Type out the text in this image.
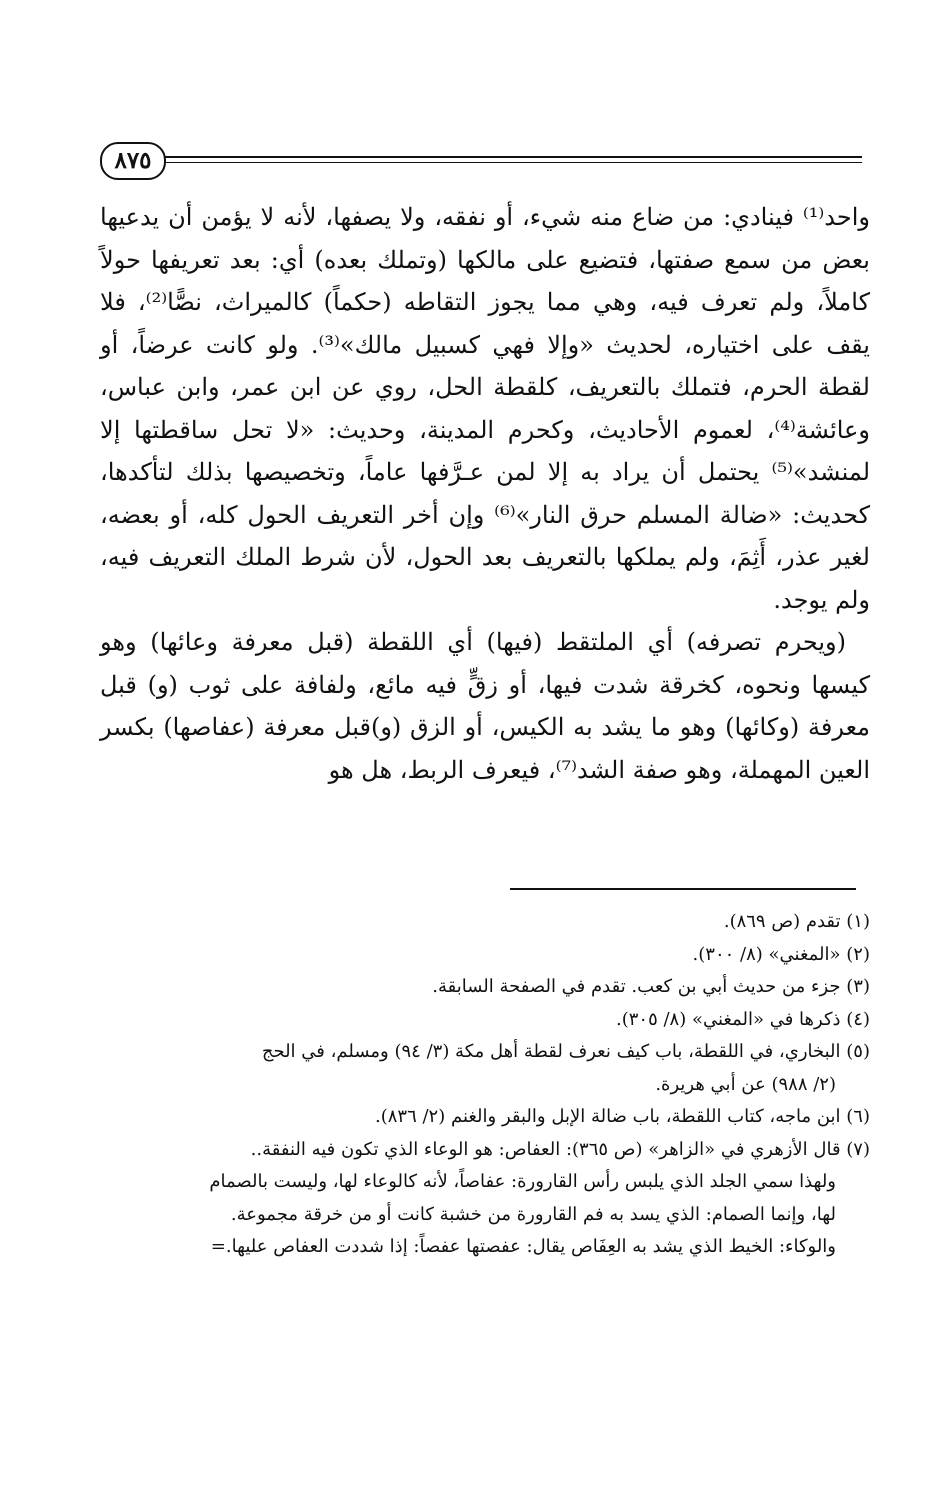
٨٧٥

واحد⁽¹⁾ فينادي: من ضاع منه شيء، أو نفقه، ولا يصفها، لأنه لا يؤمن أن يدعيها بعض من سمع صفتها، فتضيع على مالكها (وتملك بعده) أي: بعد تعريفها حولاً كاملاً، ولم تعرف فيه، وهي مما يجوز التقاطه (حكماً) كالميراث، نصًّا⁽²⁾، فلا يقف على اختياره، لحديث «وإلا فهي كسبيل مالك»⁽³⁾. ولو كانت عرضاً، أو لقطة الحرم، فتملك بالتعريف، كلقطة الحل، روي عن ابن عمر، وابن عباس، وعائشة⁽⁴⁾، لعموم الأحاديث، وكحرم المدينة، وحديث: «لا تحل ساقطتها إلا لمنشد»⁽⁵⁾ يحتمل أن يراد به إلا لمن عـرَّفها عاماً، وتخصيصها بذلك لتأكدها، كحديث: «ضالة المسلم حرق النار»⁽⁶⁾ وإن أخر التعريف الحول كله، أو بعضه، لغير عذر، أَثِمَ، ولم يملكها بالتعريف بعد الحول، لأن شرط الملك التعريف فيه، ولم يوجد.

(ويحرم تصرفه) أي الملتقط (فيها) أي اللقطة (قبل معرفة وعائها) وهو كيسها ونحوه، كخرقة شدت فيها، أو زقٍّ فيه مائع، ولفافة على ثوب (و) قبل معرفة (وكائها) وهو ما يشد به الكيس، أو الزق (و)قبل معرفة (عفاصها) بكسر العين المهملة، وهو صفة الشد⁽⁷⁾، فيعرف الربط، هل هو

(١) تقدم (ص ٨٦٩).

(٢) «المغني» (٨/ ٣٠٠).

(٣) جزء من حديث أبي بن كعب. تقدم في الصفحة السابقة.

(٤) ذكرها في «المغني» (٨/ ٣٠٥).

(٥) البخاري، في اللقطة، باب كيف نعرف لقطة أهل مكة (٣/ ٩٤) ومسلم، في الحج

(٢/ ٩٨٨) عن أبي هريرة.

(٦) ابن ماجه، كتاب اللقطة، باب ضالة الإبل والبقر والغنم (٢/ ٨٣٦).

(٧) قال الأزهري في «الزاهر» (ص ٣٦٥): العفاص: هو الوعاء الذي تكون فيه النفقة..

ولهذا سمي الجلد الذي يلبس رأس القارورة: عفاصاً، لأنه كالوعاء لها، وليست بالصمام

لها، وإنما الصمام: الذي يسد به فم القارورة من خشبة كانت أو من خرقة مجموعة.

والوكاء: الخيط الذي يشد به العِفَاص يقال: عفصتها عفصاً: إذا شددت العفاص عليها.=
